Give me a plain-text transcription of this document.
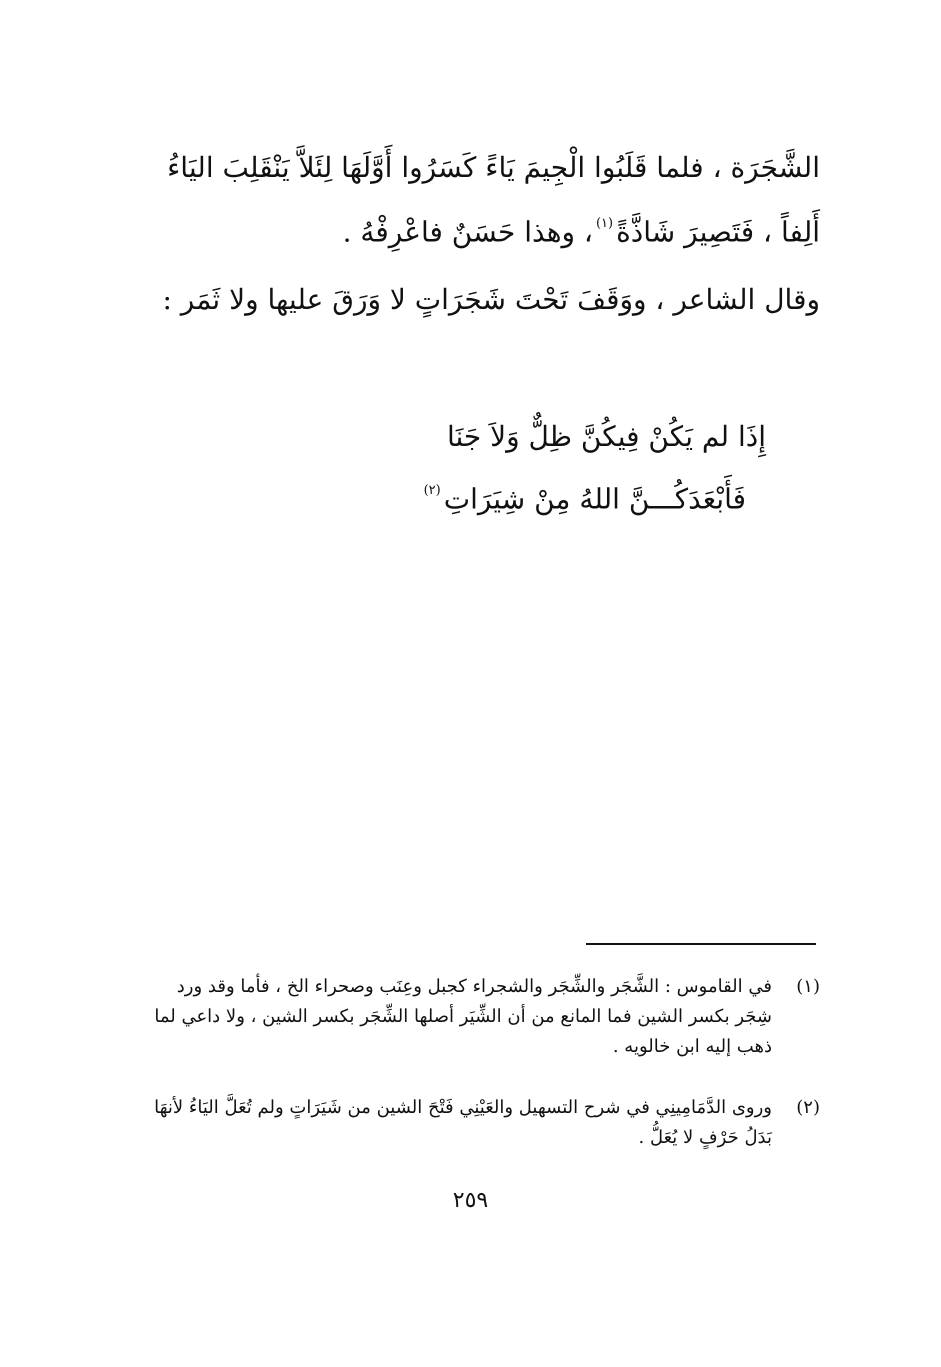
الشَّجَرَة ، فلما قَلَبُوا الْجِيمَ يَاءً كَسَرُوا أَوَّلَهَا لِئَلاَّ يَنْقَلِبَ اليَاءُ أَلِفاً ، فَتَصِيرَ شَاذَّةً$^{(١)}$، وهذا حَسَنٌ فاعْرِفْهُ .

وقال الشاعر ، ووَقَفَ تَحْتَ شَجَرَاتٍ لا وَرَقَ عليها ولا ثَمَر :

إِذَا لم يَكُنْ فِيكُنَّ ظِلٌّ وَلاَ جَنَا
فَأَبْعَدَكُـــنَّ اللهُ مِنْ شِيَرَاتِ$^{(٢)}$
(١)
في القاموس : الشَّجَر والشِّجَر والشجراء كجبل وعِنَب وصحراء الخ ، فأما وقد ورد شِجَر بكسر الشين فما المانع من أن الشِّيَر أصلها الشِّجَر بكسر الشين ، ولا داعي لما ذهب إليه ابن خالويه .
(٢)
وروى الدَّمَامِينِي في شرح التسهيل والعَيْنِي فَتْحَ الشين من شَيَرَاتٍ ولم تُعَلَّ اليَاءُ لأنهَا بَدَلُ حَرْفٍ لا يُعَلُّ .
٢٥٩
